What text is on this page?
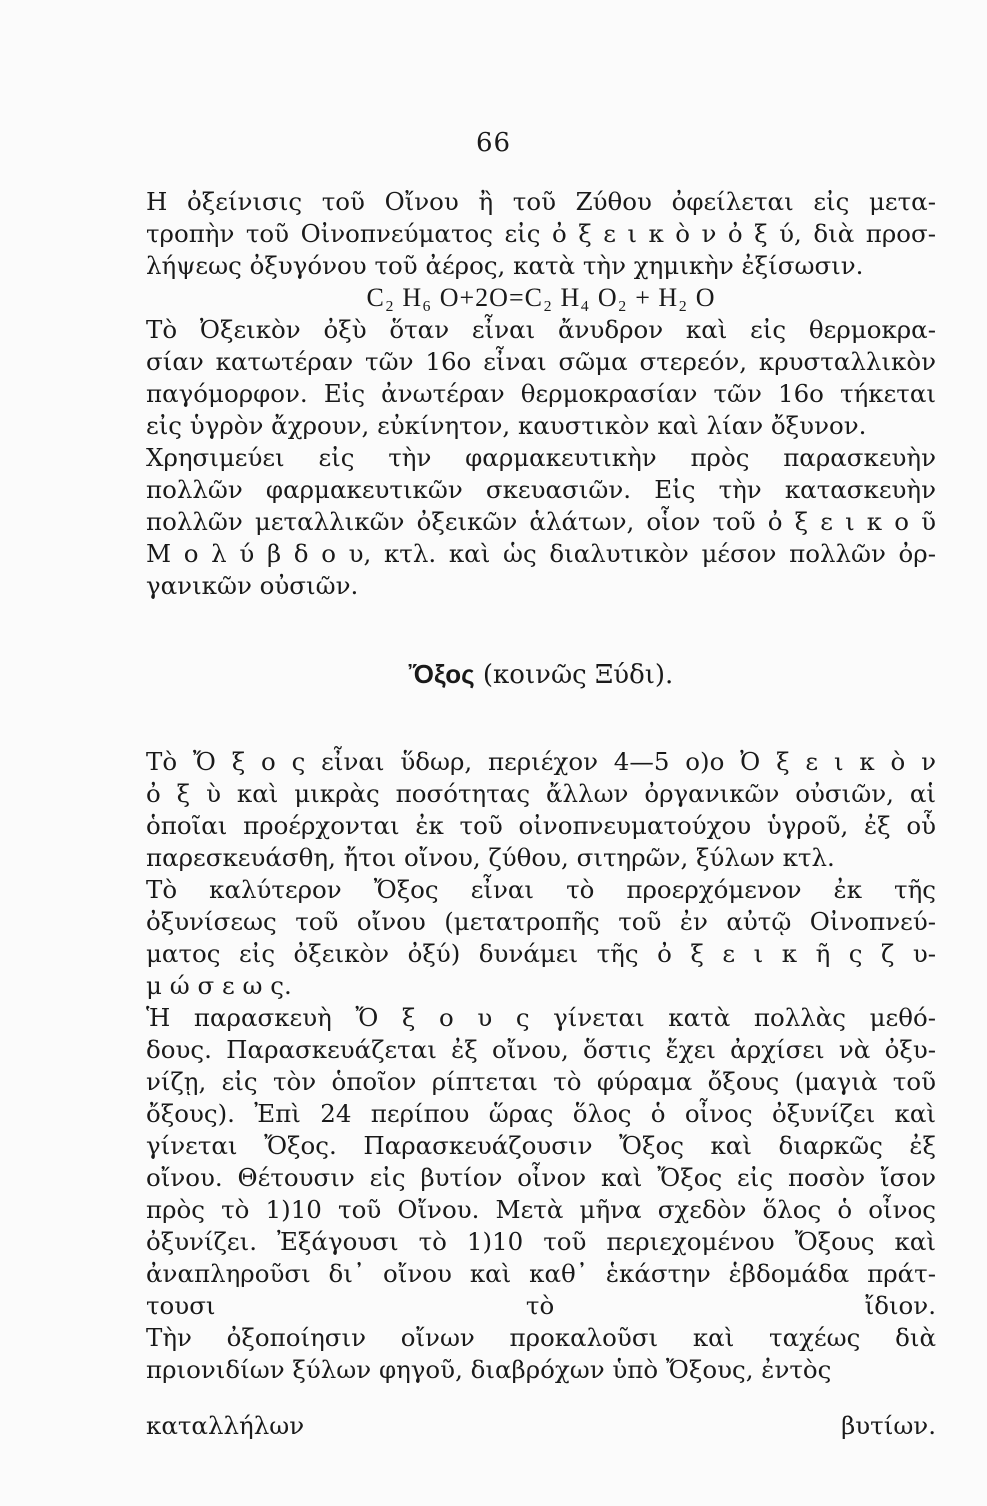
66
Η ὀξείνισις τοῦ Οἴνου ἢ τοῦ Ζύθου ὀφείλεται εἰς μετα-
τροπὴν τοῦ Οἰνοπνεύματος εἰς ὀ ξ ε ι κ ὸ ν ὀ ξ ύ, διὰ προσ-
λήψεως ὀξυγόνου τοῦ ἀέρος, κατὰ τὴν χημικὴν ἐξίσωσιν.
C₂ H₆ O+2O=C₂ H₄ O₂ + H₂ O
Τὸ Ὀξεικὸν ὀξὺ ὅταν εἶναι ἄνυδρον καὶ εἰς θερμοκρα-
σίαν κατωτέραν τῶν 16ο εἶναι σῶμα στερεόν, κρυσταλλικὸν
παγόμορφον. Εἰς ἀνωτέραν θερμοκρασίαν τῶν 16ο τήκεται
εἰς ὑγρὸν ἄχρουν, εὐκίνητον, καυστικὸν καὶ λίαν ὄξυνον.
Χρησιμεύει εἰς τὴν φαρμακευτικὴν πρὸς παρασκευὴν
πολλῶν φαρμακευτικῶν σκευασιῶν. Εἰς τὴν κατασκευὴν
πολλῶν μεταλλικῶν ὀξεικῶν ἁλάτων, οἷον τοῦ ὀ ξ ε ι κ ο ῦ
Μ ο λ ύ β δ ο υ, κτλ. καὶ ὡς διαλυτικὸν μέσον πολλῶν ὀρ-
γανικῶν οὐσιῶν.
Ὄξος (κοινῶς Ξύδι).
Τὸ Ὄ ξ ο ς εἶναι ὕδωρ, περιέχον 4—5 ο)ο Ὀ ξ ε ι κ ὸ ν
ὀ ξ ὺ καὶ μικρὰς ποσότητας ἄλλων ὀργανικῶν οὐσιῶν, αἱ
ὁποῖαι προέρχονται ἐκ τοῦ οἰνοπνευματούχου ὑγροῦ, ἐξ οὗ
παρεσκευάσθη, ἤτοι οἴνου, ζύθου, σιτηρῶν, ξύλων κτλ.
Τὸ καλύτερον Ὄξος εἶναι τὸ προερχόμενον ἐκ τῆς
ὀξυνίσεως τοῦ οἴνου (μετατροπῆς τοῦ ἐν αὐτῷ Οἰνοπνεύ-
ματος εἰς ὀξεικὸν ὀξύ) δυνάμει τῆς ὀ ξ ε ι κ ῆ ς ζ υ-
μ ώ σ ε ω ς.
Ἡ παρασκευὴ Ὄ ξ ο υ ς γίνεται κατὰ πολλὰς μεθό-
δους. Παρασκευάζεται ἐξ οἴνου, ὅστις ἔχει ἀρχίσει νὰ ὀξυ-
νίζῃ, εἰς τὸν ὁποῖον ρίπτεται τὸ φύραμα ὄξους (μαγιὰ τοῦ
ὄξους). Ἐπὶ 24 περίπου ὥρας ὅλος ὁ οἶνος ὀξυνίζει καὶ
γίνεται Ὄξος. Παρασκευάζουσιν Ὄξος καὶ διαρκῶς ἐξ
οἴνου. Θέτουσιν εἰς βυτίον οἶνον καὶ Ὄξος εἰς ποσὸν ἴσον
πρὸς τὸ 1)10 τοῦ Οἴνου. Μετὰ μῆνα σχεδὸν ὅλος ὁ οἶνος
ὀξυνίζει. Ἐξάγουσι τὸ 1)10 τοῦ περιεχομένου Ὄξους καὶ
ἀναπληροῦσι δι᾿ οἴνου καὶ καθ᾿ ἑκάστην ἑβδομάδα πράτ-
τουσι τὸ ἴδιον.
Τὴν ὀξοποίησιν οἴνων προκαλοῦσι καὶ ταχέως διὰ
πριονιδίων ξύλων φηγοῦ, διαβρόχων ὑπὸ Ὄξους, ἐντὸς
καταλλήλων βυτίων.
